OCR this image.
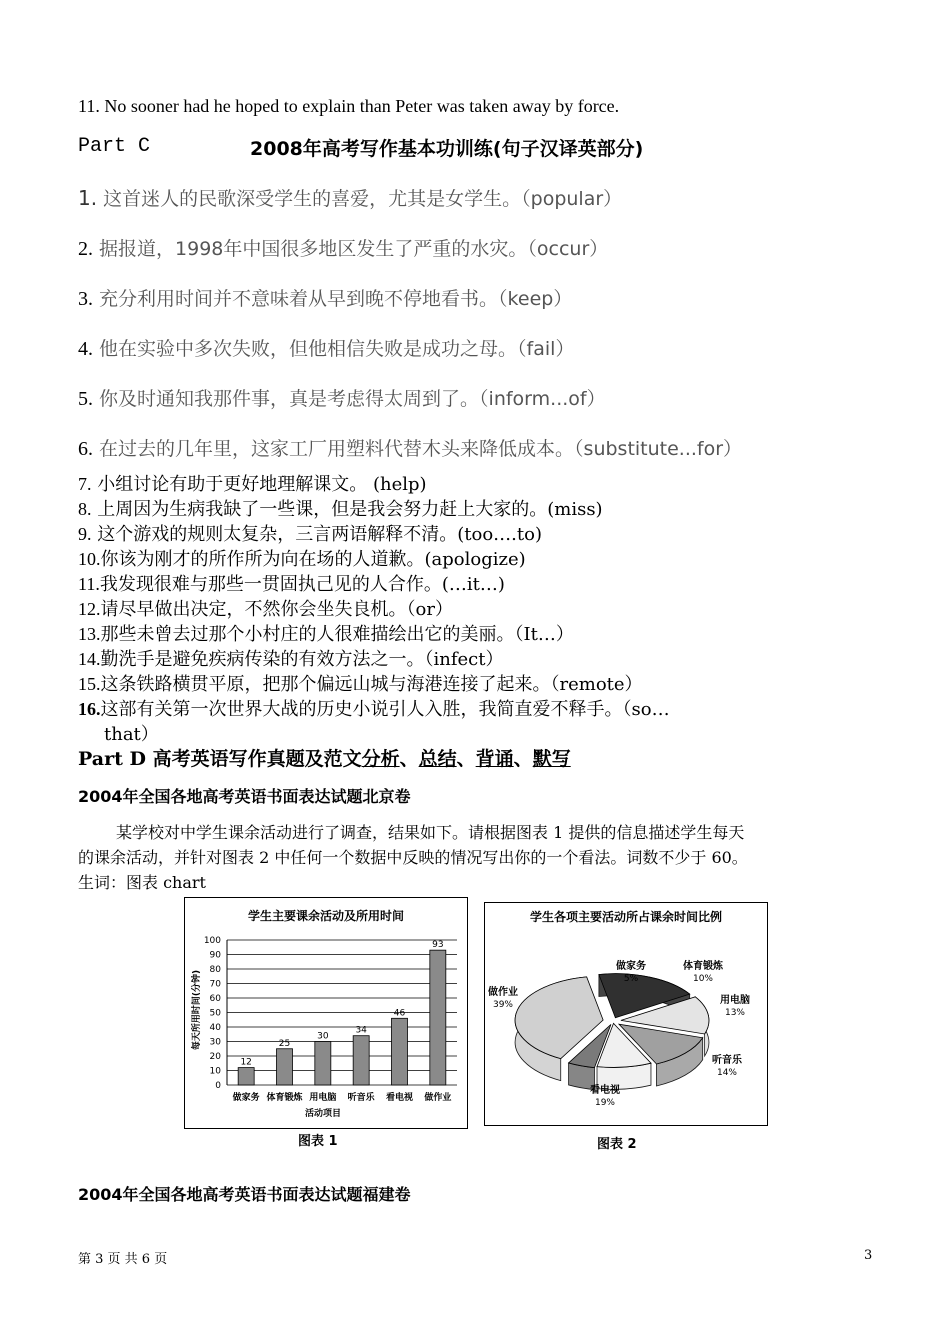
11. No sooner had he hoped to explain than Peter was taken away by force.
Part C	2008年高考写作基本功训练(句子汉译英部分)
1. 这首迷人的民歌深受学生的喜爱，尤其是女学生。（popular）
2. 据报道，1998年中国很多地区发生了严重的水灾。（occur）
3. 充分利用时间并不意味着从早到晚不停地看书。（keep）
4. 他在实验中多次失败，但他相信失败是成功之母。（fail）
5. 你及时通知我那件事，真是考虑得太周到了。（inform...of）
6. 在过去的几年里，这家工厂用塑料代替木头来降低成本。（substitute...for）
7. 小组讨论有助于更好地理解课文。 (help)
8. 上周因为生病我缺了一些课，但是我会努力赶上大家的。(miss)
9. 这个游戏的规则太复杂，三言两语解释不清。(too….to)
10.你该为刚才的所作所为向在场的人道歉。(apologize)
11.我发现很难与那些一贯固执己见的人合作。(…it…)
12.请尽早做出决定，不然你会坐失良机。（or）
13.那些未曾去过那个小村庄的人很难描绘出它的美丽。（It…）
14.勤洗手是避免疾病传染的有效方法之一。（infect）
15.这条铁路横贯平原，把那个偏远山城与海港连接了起来。（remote）
16.这部有关第一次世界大战的历史小说引人入胜，我简直爱不释手。（so…
that）
Part D 高考英语写作真题及范文分析、总结、背诵、默写
2004年全国各地高考英语书面表达试题北京卷
某学校对中学生课余活动进行了调查，结果如下。请根据图表 1 提供的信息描述学生每天
的课余活动，并针对图表 2 中任何一个数据中反映的情况写出你的一个看法。词数不少于 60。
生词：图表 chart
学生主要课余活动及所用时间
0
10
20
30
40
50
60
70
80
90
100
12
做家务
25
体育锻炼
30
用电脑
34
听音乐
46
看电视
93
做作业
每天所用时间(分钟)
活动项目
图表 1
学生各项主要活动所占课余时间比例
做作业
39%
做家务
5%
体育锻炼
10%
用电脑
13%
听音乐
14%
看电视
19%
图表 2
2004年全国各地高考英语书面表达试题福建卷
第 3 页 共 6 页	3
